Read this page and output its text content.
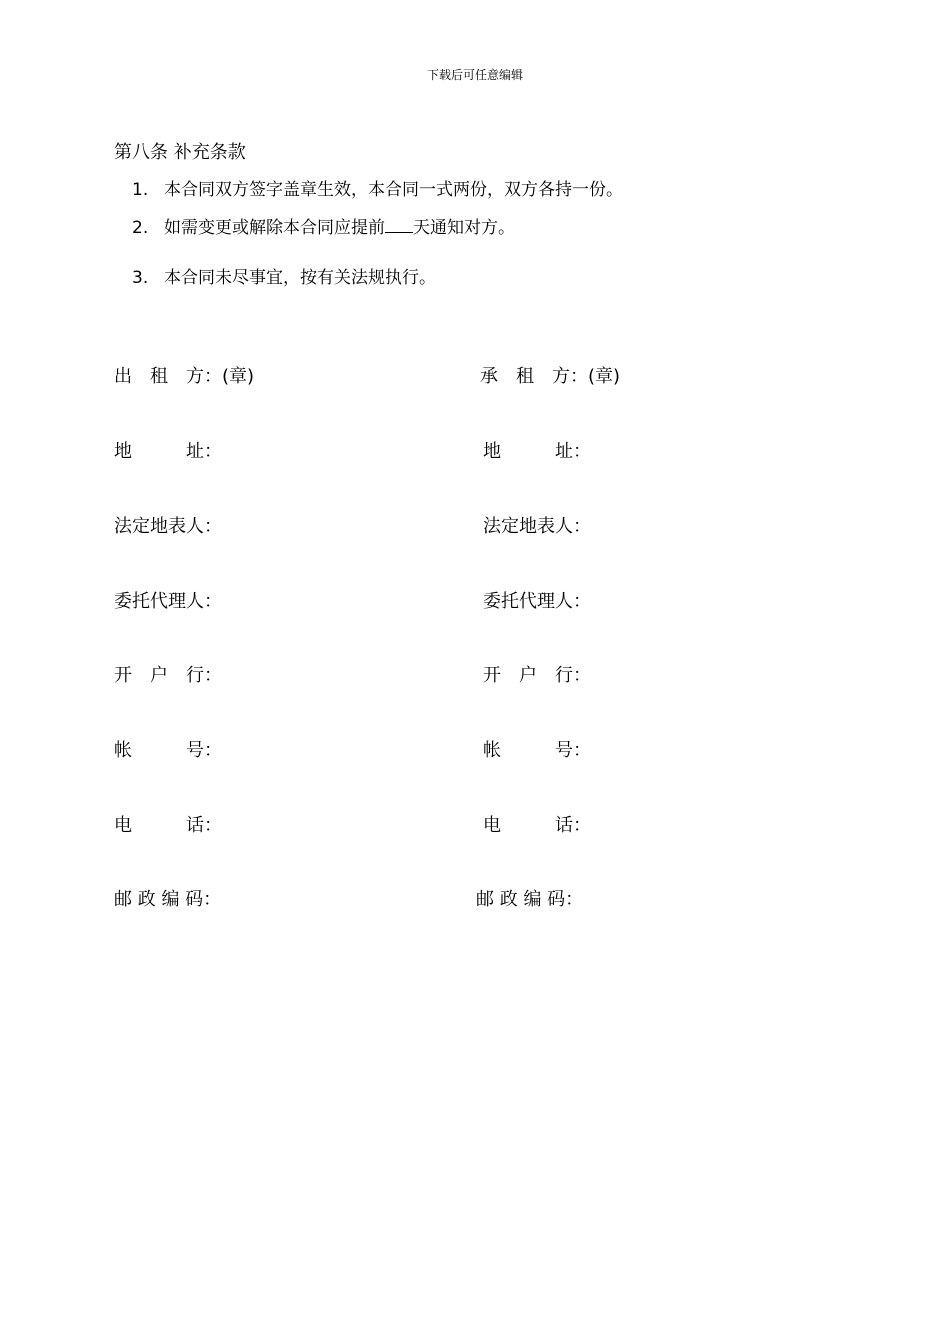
下载后可任意编辑
第八条 补充条款
1. 本合同双方签字盖章生效，本合同一式两份，双方各持一份。
2. 如需变更或解除本合同应提前 天通知对方。
3. 本合同未尽事宜，按有关法规执行。
出　租　方：(章)
地　　　址：
法定地表人：
委托代理人：
开　户　行：
帐　　　号：
电　　　话：
邮 政 编 码：
承　租　方：(章)
地　　　址：
法定地表人：
委托代理人：
开　户　行：
帐　　　号：
电　　　话：
邮 政 编 码：
